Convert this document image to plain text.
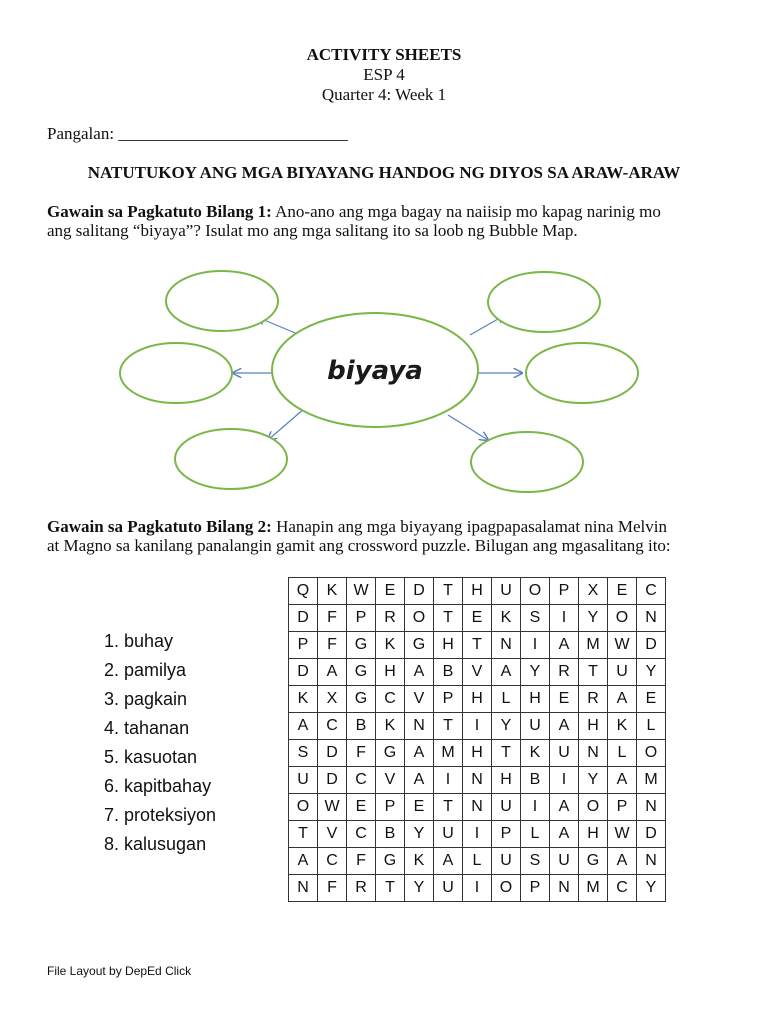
ACTIVITY SHEETS
ESP 4
Quarter 4: Week 1
Pangalan: ___________________________
NATUTUKOY ANG MGA BIYAYANG HANDOG NG DIYOS SA ARAW-ARAW
Gawain sa Pagkatuto Bilang 1: Ano-ano ang mga bagay na naiisip mo kapag narinig mo
ang salitang “biyaya”? Isulat mo ang mga salitang ito sa loob ng Bubble Map.
biyaya
Gawain sa Pagkatuto Bilang 2: Hanapin ang mga biyayang ipagpapasalamat nina Melvin
at Magno sa kanilang panalangin gamit ang crossword puzzle. Bilugan ang mgasalitang ito:
1. buhay
2. pamilya
3. pagkain
4. tahanan
5. kasuotan
6. kapitbahay
7. proteksiyon
8. kalusugan
Q	K	W	E	D	T	H	U	O	P	X	E	C
D	F	P	R	O	T	E	K	S	I	Y	O	N
P	F	G	K	G	H	T	N	I	A	M	W	D
D	A	G	H	A	B	V	A	Y	R	T	U	Y
K	X	G	C	V	P	H	L	H	E	R	A	E
A	C	B	K	N	T	I	Y	U	A	H	K	L
S	D	F	G	A	M	H	T	K	U	N	L	O
U	D	C	V	A	I	N	H	B	I	Y	A	M
O	W	E	P	E	T	N	U	I	A	O	P	N
T	V	C	B	Y	U	I	P	L	A	H	W	D
A	C	F	G	K	A	L	U	S	U	G	A	N
N	F	R	T	Y	U	I	O	P	N	M	C	Y
File Layout by DepEd Click
